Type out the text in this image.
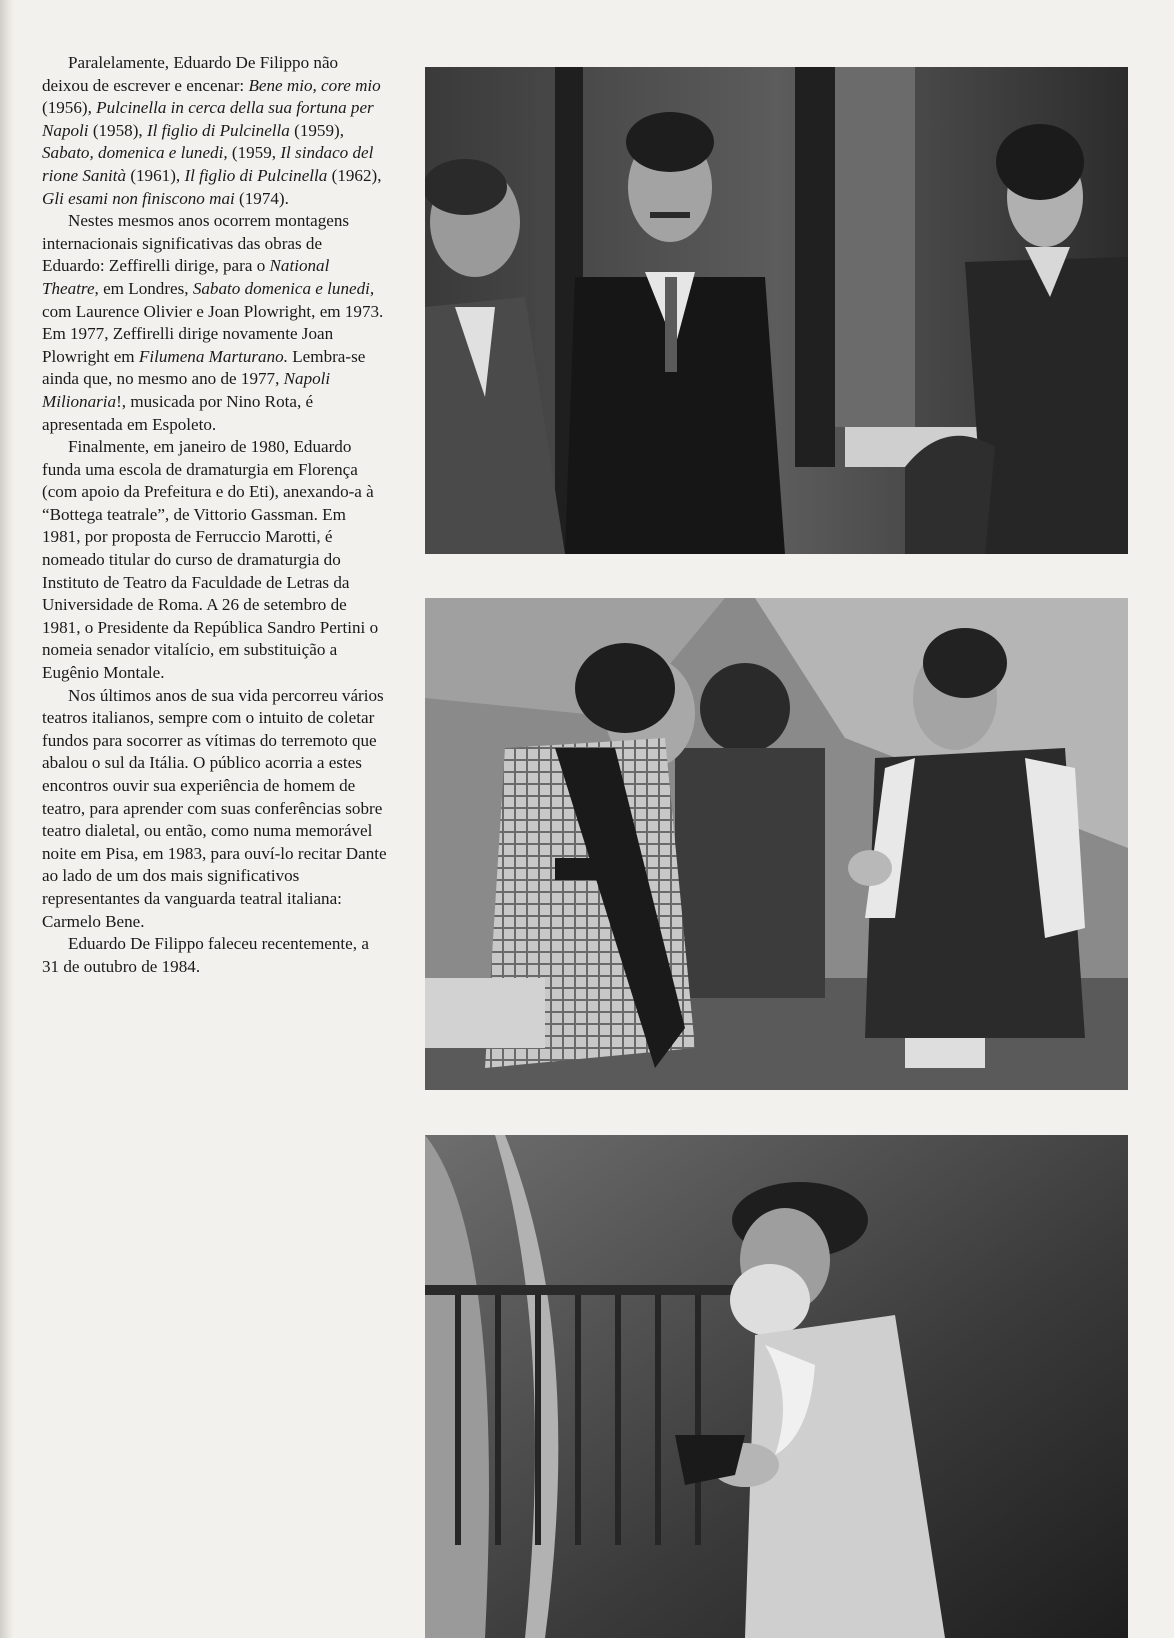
Paralelamente, Eduardo De Filippo não deixou de escrever e encenar: Bene mio, core mio (1956), Pulcinella in cerca della sua fortuna per Napoli (1958), Il figlio di Pulcinella (1959), Sabato, domenica e lunedi, (1959, Il sindaco del rione Sanità (1961), Il figlio di Pulcinella (1962), Gli esami non finiscono mai (1974).

Nestes mesmos anos ocorrem montagens internacionais significativas das obras de Eduardo: Zeffirelli dirige, para o National Theatre, em Londres, Sabato domenica e lunedi, com Laurence Olivier e Joan Plowright, em 1973. Em 1977, Zeffirelli dirige novamente Joan Plowright em Filumena Marturano. Lembra-se ainda que, no mesmo ano de 1977, Napoli Milionaria!, musicada por Nino Rota, é apresentada em Espoleto.

Finalmente, em janeiro de 1980, Eduardo funda uma escola de dramaturgia em Florença (com apoio da Prefeitura e do Eti), anexando-a à “Bottega teatrale”, de Vittorio Gassman. Em 1981, por proposta de Ferruccio Marotti, é nomeado titular do curso de dramaturgia do Instituto de Teatro da Faculdade de Letras da Universidade de Roma. A 26 de setembro de 1981, o Presidente da República Sandro Pertini o nomeia senador vitalício, em substituição a Eugênio Montale.

Nos últimos anos de sua vida percorreu vários teatros italianos, sempre com o intuito de coletar fundos para socorrer as vítimas do terremoto que abalou o sul da Itália. O público acorria a estes encontros ouvir sua experiência de homem de teatro, para aprender com suas conferências sobre teatro dialetal, ou então, como numa memorável noite em Pisa, em 1983, para ouví-lo recitar Dante ao lado de um dos mais significativos representantes da vanguarda teatral italiana: Carmelo Bene.

Eduardo De Filippo faleceu recentemente, a 31 de outubro de 1984.
